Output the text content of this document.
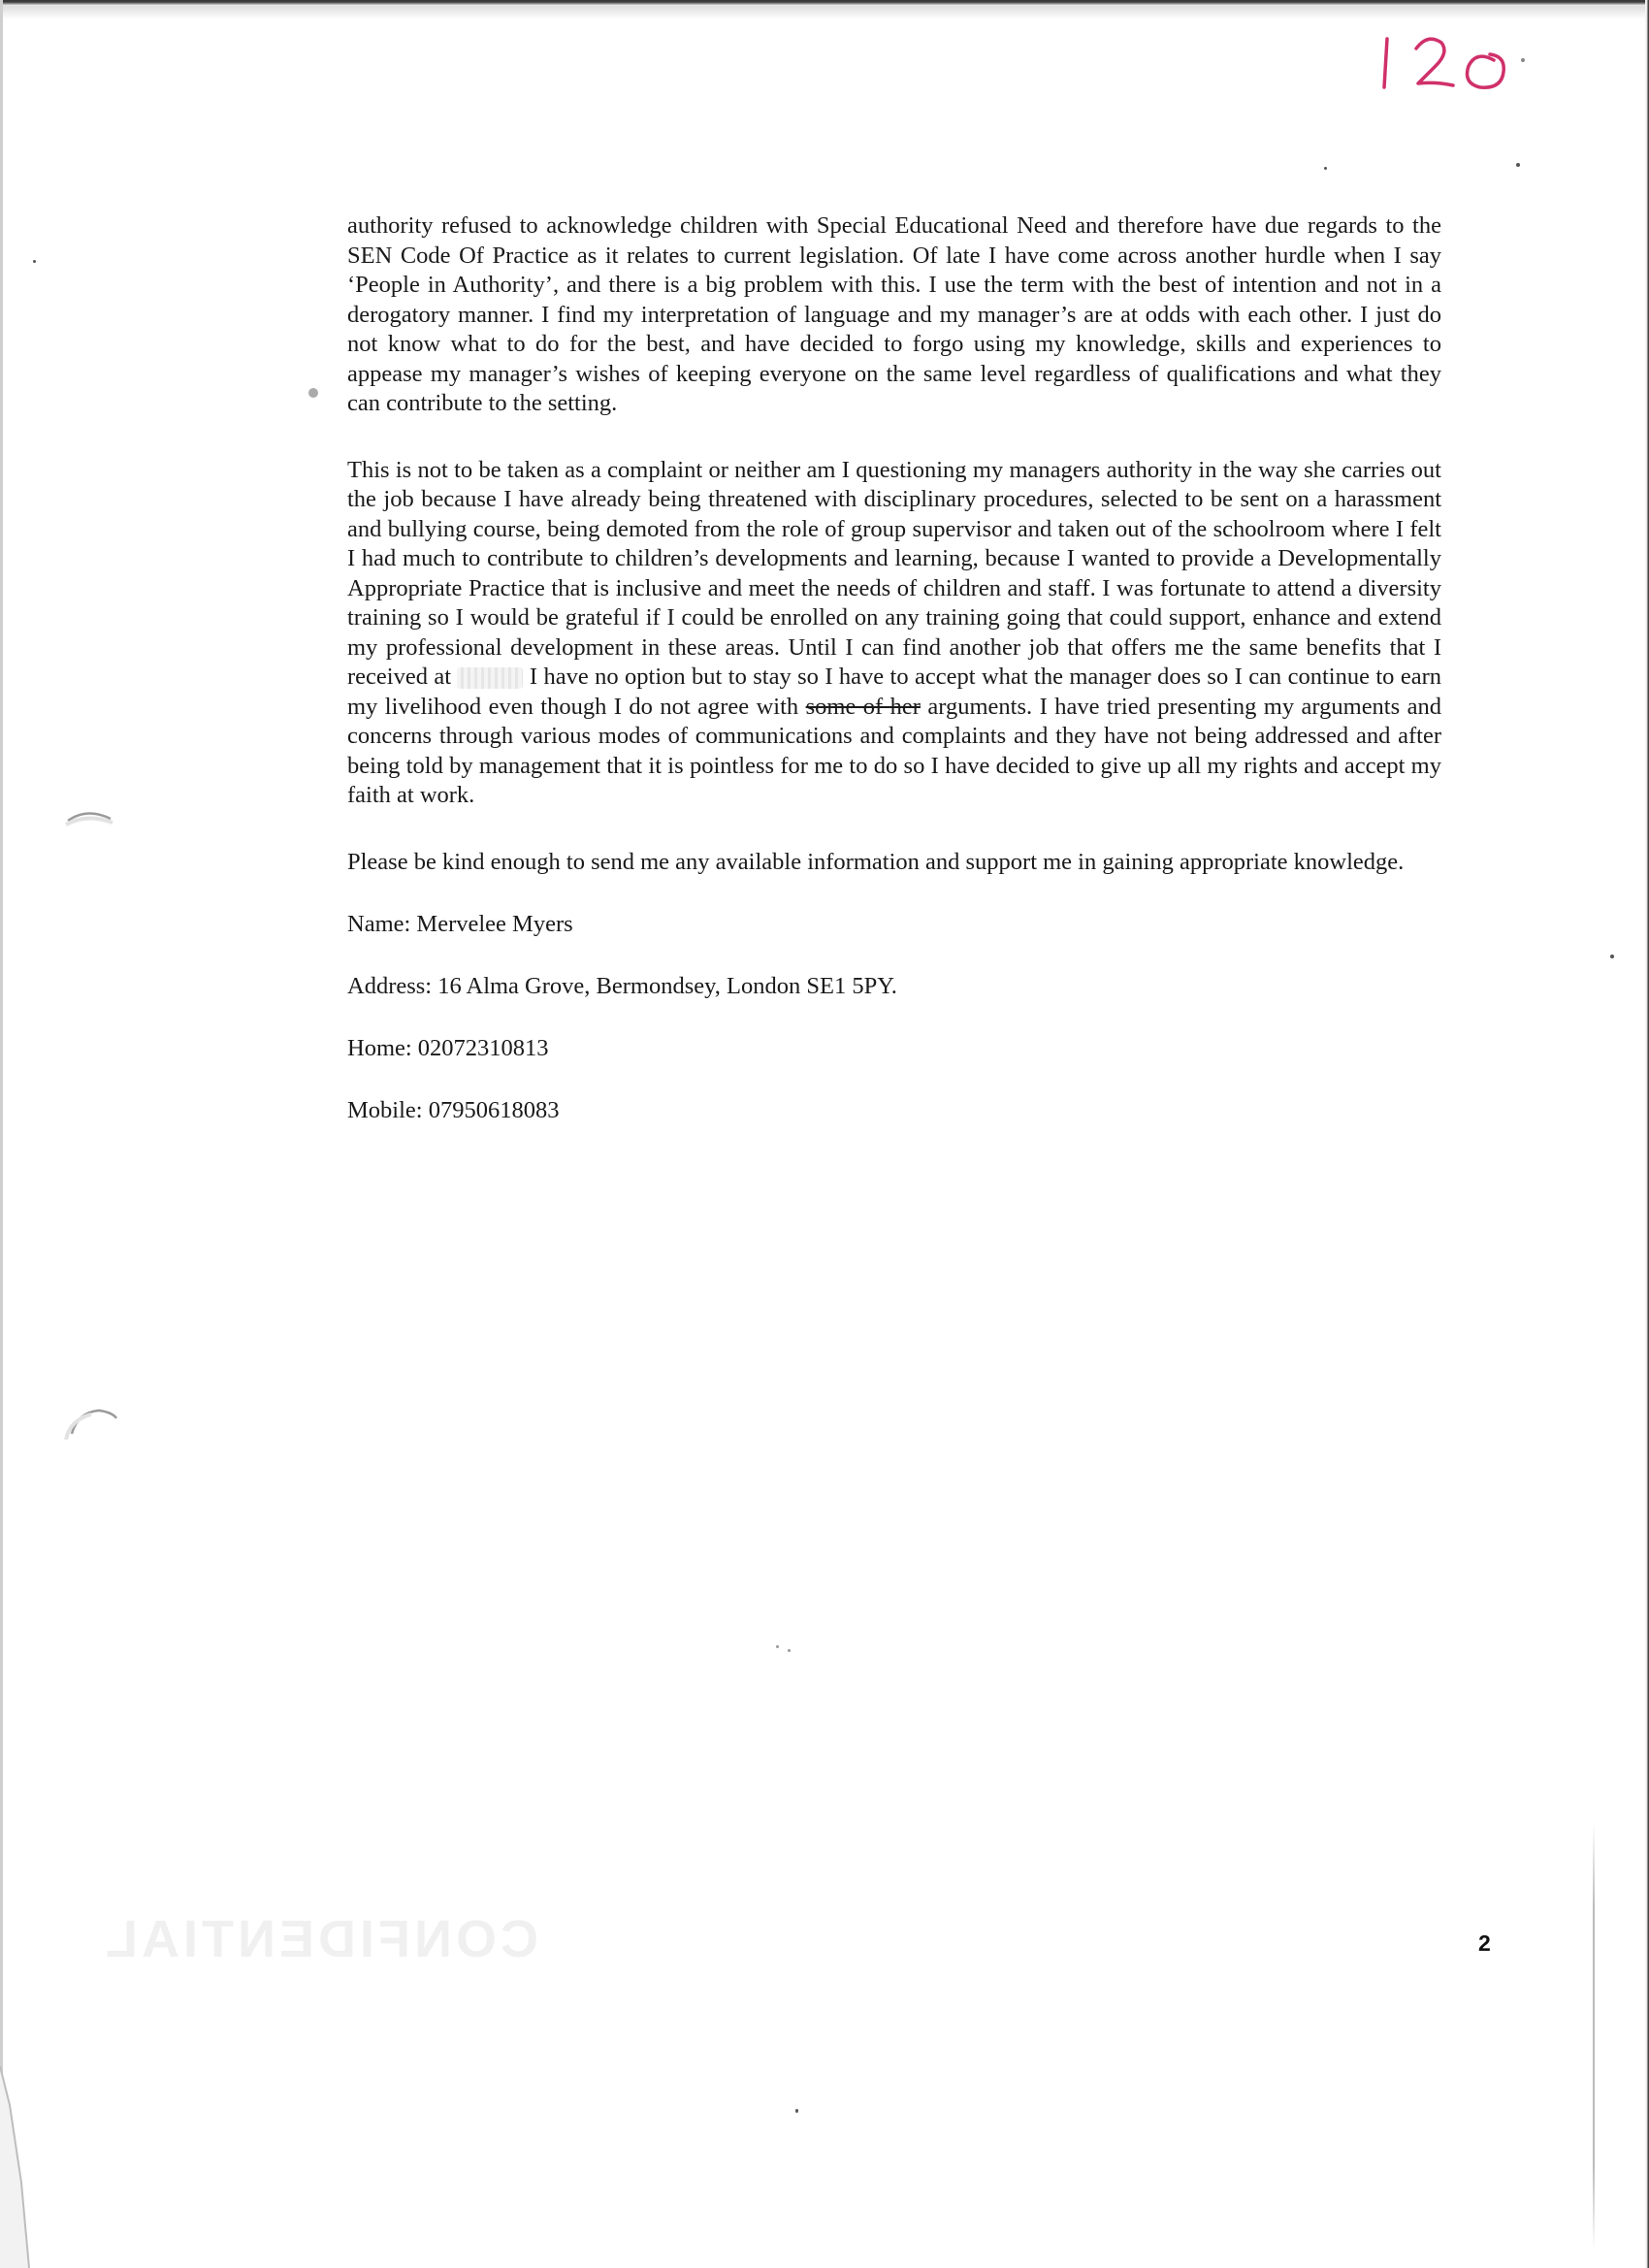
authority refused to acknowledge children with Special Educational Need and therefore have due regards to the SEN Code Of Practice as it relates to current legislation. Of late I have come across another hurdle when I say ‘People in Authority’, and there is a big problem with this. I use the term with the best of intention and not in a derogatory manner. I find my interpretation of language and my manager’s are at odds with each other. I just do not know what to do for the best, and have decided to forgo using my knowledge, skills and experiences to appease my manager’s wishes of keeping everyone on the same level regardless of qualifications and what they can contribute to the setting.

This is not to be taken as a complaint or neither am I questioning my managers authority in the way she carries out the job because I have already being threatened with disciplinary procedures, selected to be sent on a harassment and bullying course, being demoted from the role of group supervisor and taken out of the schoolroom where I felt I had much to contribute to children’s developments and learning, because I wanted to provide a Developmentally Appropriate Practice that is inclusive and meet the needs of children and staff. I was fortunate to attend a diversity training so I would be grateful if I could be enrolled on any training going that could support, enhance and extend my professional development in these areas. Until I can find another job that offers me the same benefits that I received at	I have no option but to stay so I have to accept what the manager does so I can continue to earn my livelihood even though I do not agree with some of her arguments. I have tried presenting my arguments and concerns through various modes of communications and complaints and they have not being addressed and after being told by management that it is pointless for me to do so I have decided to give up all my rights and accept my faith at work.

Please be kind enough to send me any available information and support me in gaining appropriate knowledge.

Name: Mervelee Myers
Address: 16 Alma Grove, Bermondsey, London SE1 5PY.
Home: 02072310813
Mobile: 07950618083
CONFIDENTIAL	2
